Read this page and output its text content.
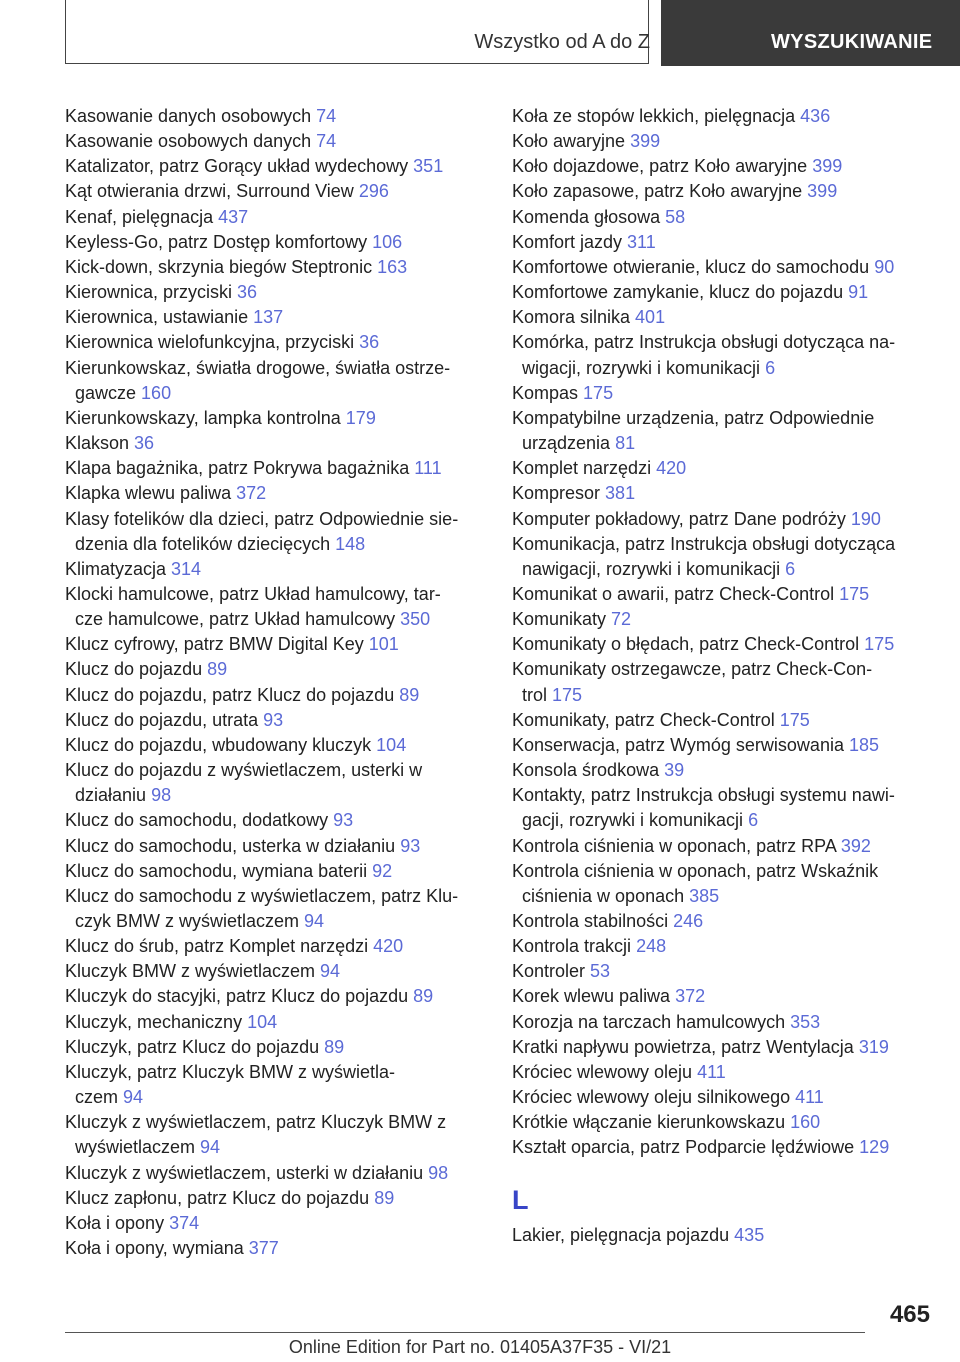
Wszystko od A do Z	WYSZUKIWANIE
Kasowanie danych osobowych 74
Kasowanie osobowych danych 74
Katalizator, patrz Gorący układ wydechowy 351
Kąt otwierania drzwi, Surround View 296
Kenaf, pielęgnacja 437
Keyless-Go, patrz Dostęp komfortowy 106
Kick-down, skrzynia biegów Steptronic 163
Kierownica, przyciski 36
Kierownica, ustawianie 137
Kierownica wielofunkcyjna, przyciski 36
Kierunkowskaz, światła drogowe, światła ostrze‐
gawcze 160
Kierunkowskazy, lampka kontrolna 179
Klakson 36
Klapa bagażnika, patrz Pokrywa bagażnika 111
Klapka wlewu paliwa 372
Klasy fotelików dla dzieci, patrz Odpowiednie sie‐
dzenia dla fotelików dziecięcych 148
Klimatyzacja 314
Klocki hamulcowe, patrz Układ hamulcowy, tar‐
cze hamulcowe, patrz Układ hamulcowy 350
Klucz cyfrowy, patrz BMW Digital Key 101
Klucz do pojazdu 89
Klucz do pojazdu, patrz Klucz do pojazdu 89
Klucz do pojazdu, utrata 93
Klucz do pojazdu, wbudowany kluczyk 104
Klucz do pojazdu z wyświetlaczem, usterki w
działaniu 98
Klucz do samochodu, dodatkowy 93
Klucz do samochodu, usterka w działaniu 93
Klucz do samochodu, wymiana baterii 92
Klucz do samochodu z wyświetlaczem, patrz Klu‐
czyk BMW z wyświetlaczem 94
Klucz do śrub, patrz Komplet narzędzi 420
Kluczyk BMW z wyświetlaczem 94
Kluczyk do stacyjki, patrz Klucz do pojazdu 89
Kluczyk, mechaniczny 104
Kluczyk, patrz Klucz do pojazdu 89
Kluczyk, patrz Kluczyk BMW z wyświetla‐
czem 94
Kluczyk z wyświetlaczem, patrz Kluczyk BMW z
wyświetlaczem 94
Kluczyk z wyświetlaczem, usterki w działaniu 98
Klucz zapłonu, patrz Klucz do pojazdu 89
Koła i opony 374
Koła i opony, wymiana 377
Koła ze stopów lekkich, pielęgnacja 436
Koło awaryjne 399
Koło dojazdowe, patrz Koło awaryjne 399
Koło zapasowe, patrz Koło awaryjne 399
Komenda głosowa 58
Komfort jazdy 311
Komfortowe otwieranie, klucz do samochodu 90
Komfortowe zamykanie, klucz do pojazdu 91
Komora silnika 401
Komórka, patrz Instrukcja obsługi dotycząca na‐
wigacji, rozrywki i komunikacji 6
Kompas 175
Kompatybilne urządzenia, patrz Odpowiednie
urządzenia 81
Komplet narzędzi 420
Kompresor 381
Komputer pokładowy, patrz Dane podróży 190
Komunikacja, patrz Instrukcja obsługi dotycząca
nawigacji, rozrywki i komunikacji 6
Komunikat o awarii, patrz Check-Control 175
Komunikaty 72
Komunikaty o błędach, patrz Check-Control 175
Komunikaty ostrzegawcze, patrz Check-Con‐
trol 175
Komunikaty, patrz Check-Control 175
Konserwacja, patrz Wymóg serwisowania 185
Konsola środkowa 39
Kontakty, patrz Instrukcja obsługi systemu nawi‐
gacji, rozrywki i komunikacji 6
Kontrola ciśnienia w oponach, patrz RPA 392
Kontrola ciśnienia w oponach, patrz Wskaźnik
ciśnienia w oponach 385
Kontrola stabilności 246
Kontrola trakcji 248
Kontroler 53
Korek wlewu paliwa 372
Korozja na tarczach hamulcowych 353
Kratki napływu powietrza, patrz Wentylacja 319
Króciec wlewowy oleju 411
Króciec wlewowy oleju silnikowego 411
Krótkie włączanie kierunkowskazu 160
Kształt oparcia, patrz Podparcie lędźwiowe 129
L
Lakier, pielęgnacja pojazdu 435
465
Online Edition for Part no. 01405A37F35 - VI/21
